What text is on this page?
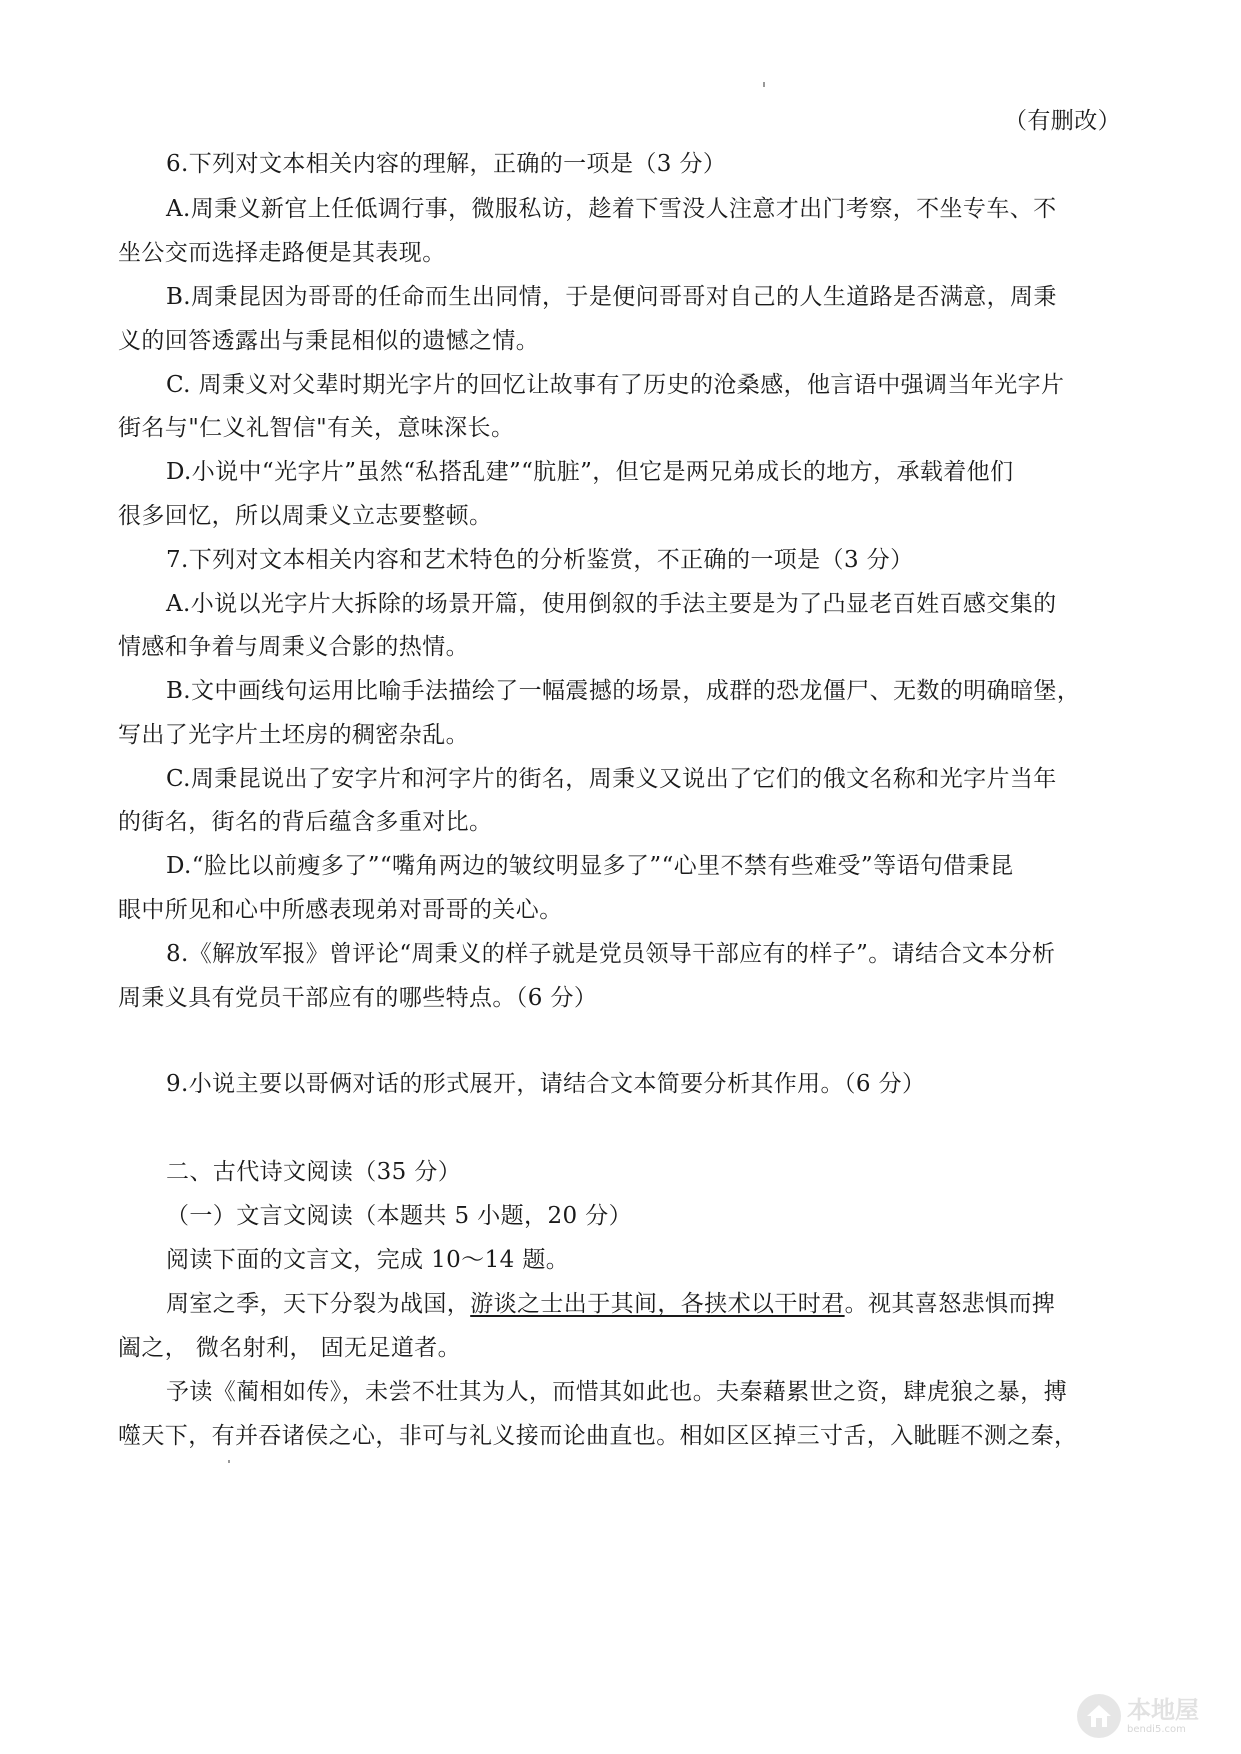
（有删改）
6.下列对文本相关内容的理解，正确的一项是（3 分）
A.周秉义新官上任低调行事，微服私访，趁着下雪没人注意才出门考察，不坐专车、不
坐公交而选择走路便是其表现。
B.周秉昆因为哥哥的任命而生出同情，于是便问哥哥对自己的人生道路是否满意，周秉
义的回答透露出与秉昆相似的遗憾之情。
C. 周秉义对父辈时期光字片的回忆让故事有了历史的沧桑感，他言语中强调当年光字片
街名与"仁义礼智信"有关，意味深长。
D.小说中“光字片”虽然“私搭乱建”“肮脏”，但它是两兄弟成长的地方，承载着他们
很多回忆，所以周秉义立志要整顿。
7.下列对文本相关内容和艺术特色的分析鉴赏，不正确的一项是（3 分）
A.小说以光字片大拆除的场景开篇，使用倒叙的手法主要是为了凸显老百姓百感交集的
情感和争着与周秉义合影的热情。
B.文中画线句运用比喻手法描绘了一幅震撼的场景，成群的恐龙僵尸、无数的明确暗堡，
写出了光字片土坯房的稠密杂乱。
C.周秉昆说出了安字片和河字片的街名，周秉义又说出了它们的俄文名称和光字片当年
的街名，街名的背后蕴含多重对比。
D.“脸比以前瘦多了”“嘴角两边的皱纹明显多了”“心里不禁有些难受”等语句借秉昆
眼中所见和心中所感表现弟对哥哥的关心。
8.《解放军报》曾评论“周秉义的样子就是党员领导干部应有的样子”。请结合文本分析
周秉义具有党员干部应有的哪些特点。（6 分）
9.小说主要以哥俩对话的形式展开，请结合文本简要分析其作用。（6 分）
二、古代诗文阅读（35 分）
（一）文言文阅读（本题共 5 小题，20 分）
阅读下面的文言文，完成 10～14 题。
周室之季，天下分裂为战国，游谈之士出于其间，各挟术以干时君。视其喜怒悲惧而捭
阖之， 微名射利， 固无足道者。
予读《蔺相如传》，未尝不壮其为人，而惜其如此也。夫秦藉累世之资，肆虎狼之暴，搏
噬天下，有并吞诸侯之心，非可与礼义接而论曲直也。相如区区掉三寸舌，入眦睚不测之秦，
本地屋
bendi5.com
